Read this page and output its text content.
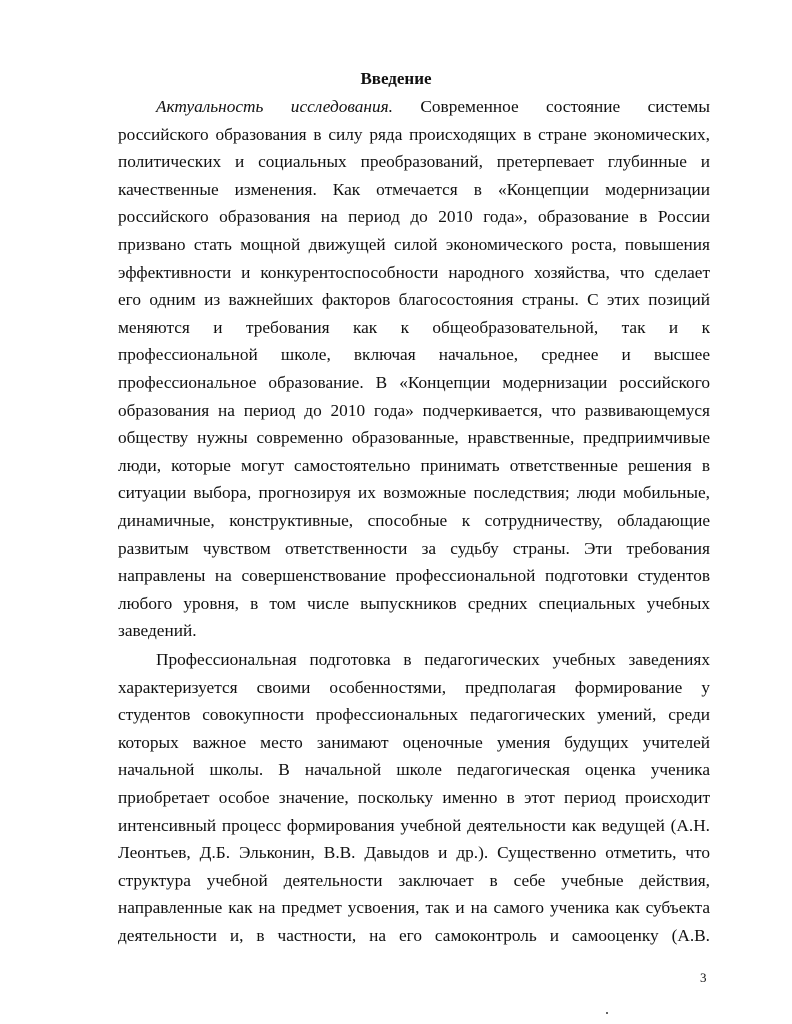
Введение
Актуальность исследования. Современное состояние системы
российского образования в силу ряда происходящих в стране экономических,
политических и социальных преобразований, претерпевает глубинные и
качественные изменения. Как отмечается в «Концепции модернизации
российского образования на период до 2010 года», образование в России
призвано стать мощной движущей силой экономического роста, повышения
эффективности и конкурентоспособности народного хозяйства, что сделает
его одним из важнейших факторов благосостояния страны. С этих позиций
меняются и требования как к общеобразовательной, так и к
профессиональной школе, включая начальное, среднее и высшее
профессиональное образование. В «Концепции модернизации российского
образования на период до 2010 года» подчеркивается, что развивающемуся
обществу нужны современно образованные, нравственные, предприимчивые
люди, которые могут самостоятельно принимать ответственные решения в
ситуации выбора, прогнозируя их возможные последствия; люди мобильные,
динамичные, конструктивные, способные к сотрудничеству, обладающие
развитым чувством ответственности за судьбу страны. Эти требования
направлены на совершенствование профессиональной подготовки студентов
любого уровня, в том числе выпускников средних специальных учебных
заведений.
Профессиональная подготовка в педагогических учебных заведениях
характеризуется своими особенностями, предполагая формирование у
студентов совокупности профессиональных педагогических умений, среди
которых важное место занимают оценочные умения будущих учителей
начальной школы. В начальной школе педагогическая оценка ученика
приобретает особое значение, поскольку именно в этот период происходит
интенсивный процесс формирования учебной деятельности как ведущей (А.Н.
Леонтьев, Д.Б. Эльконин, В.В. Давыдов и др.). Существенно отметить, что
структура учебной деятельности заключает в себе учебные действия,
направленные как на предмет усвоения, так и на самого ученика как субъекта
деятельности и, в частности, на его самоконтроль и самооценку (А.В.
3
